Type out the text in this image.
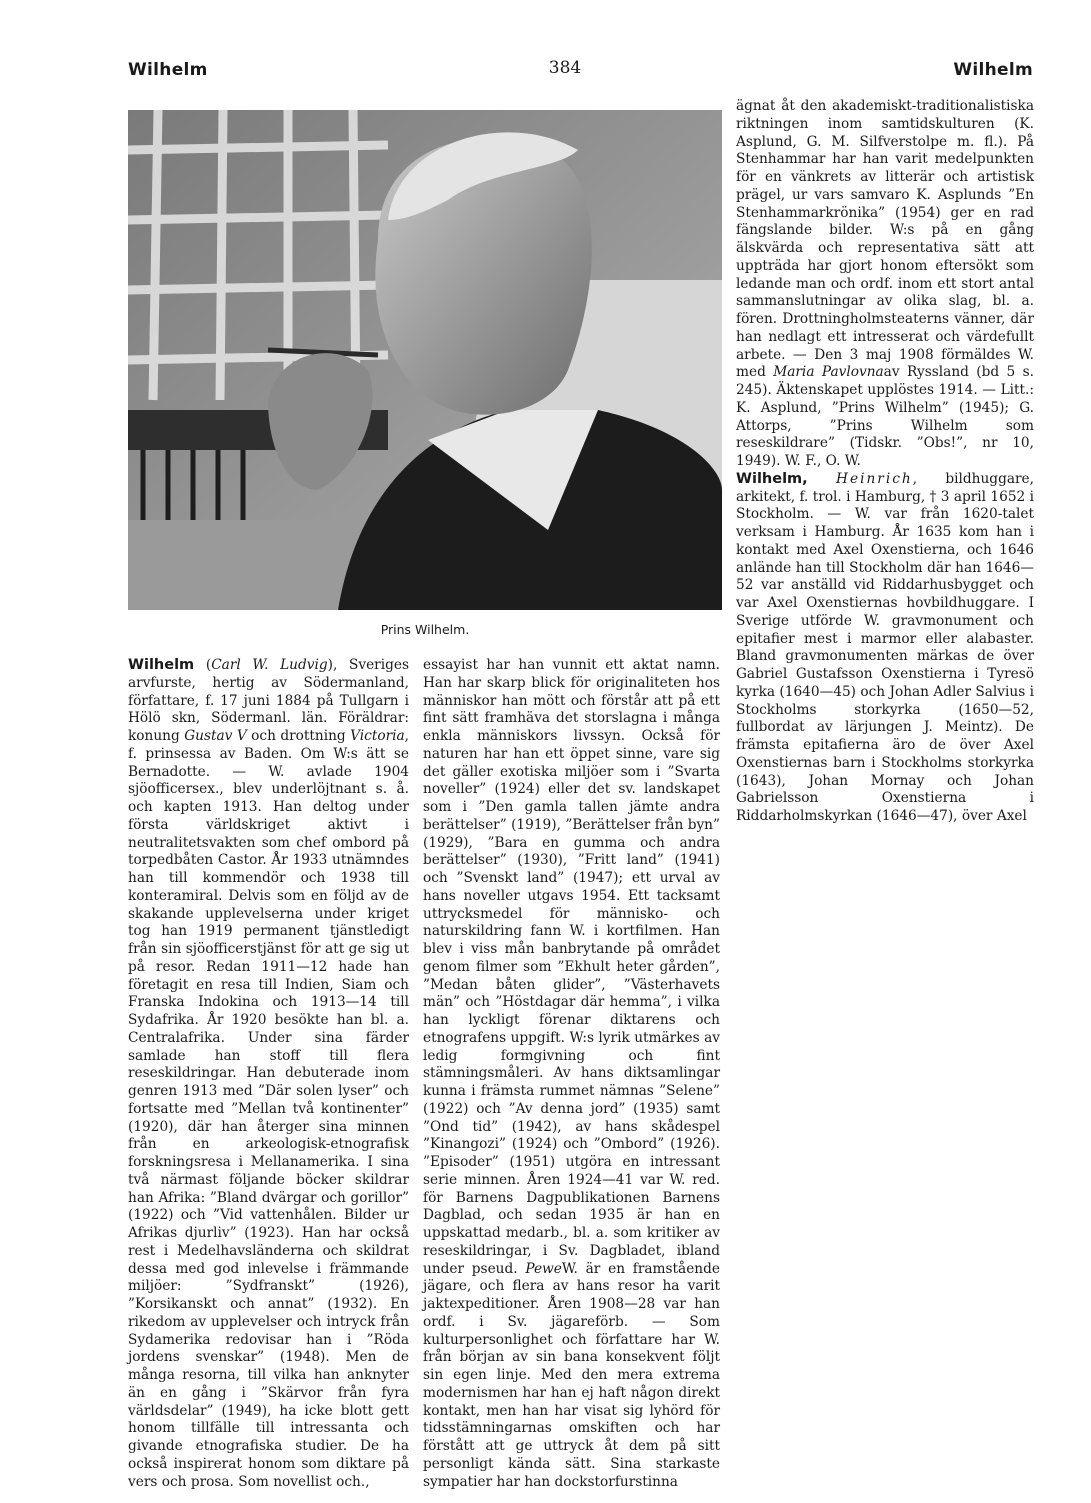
Wilhelm	384	Wilhelm
Prins Wilhelm.

Wilhelm (Carl W. Ludvig), Sveriges arvfurste, hertig av Södermanland, författare, f. 17 juni 1884 på Tullgarn i Hölö skn, Södermanl. län. Föräldrar: konung Gustav V och drottning Victoria, f. prinsessa av Baden. Om W:s ätt se Bernadotte. — W. avlade 1904 sjöofficersex., blev underlöjtnant s. å. och kapten 1913. Han deltog under första världskriget aktivt i neutralitetsvakten som chef ombord på torpedbåten Castor. År 1933 utnämndes han till kommendör och 1938 till konteramiral. Delvis som en följd av de skakande upplevelserna under kriget tog han 1919 permanent tjänstledigt från sin sjöofficerstjänst för att ge sig ut på resor. Redan 1911—12 hade han företagit en resa till Indien, Siam och Franska Indokina och 1913—14 till Sydafrika. År 1920 besökte han bl. a. Centralafrika. Under sina färder samlade han stoff till flera reseskildringar. Han debuterade inom genren 1913 med ”Där solen lyser” och fortsatte med ”Mellan två kontinenter” (1920), där han återger sina minnen från en arkeologisk-etnografisk forskningsresa i Mellanamerika. I sina två närmast följande böcker skildrar han Afrika: ”Bland dvärgar och gorillor” (1922) och ”Vid vattenhålen. Bilder ur Afrikas djurliv” (1923). Han har också rest i Medelhavsländerna och skildrat dessa med god inlevelse i främmande miljöer: ”Sydfranskt” (1926), ”Korsikanskt och annat” (1932). En rikedom av upplevelser och intryck från Sydamerika redovisar han i ”Röda jordens svenskar” (1948). Men de många resorna, till vilka han anknyter än en gång i ”Skärvor från fyra världsdelar” (1949), ha icke blott gett honom tillfälle till intressanta och givande etnografiska studier. De ha också inspirerat honom som diktare på vers och prosa. Som novellist och.,

essayist har han vunnit ett aktat namn. Han har skarp blick för originaliteten hos människor han mött och förstår att på ett fint sätt framhäva det storslagna i många enkla människors livssyn. Också för naturen har han ett öppet sinne, vare sig det gäller exotiska miljöer som i ”Svarta noveller” (1924) eller det sv. landskapet som i ”Den gamla tallen jämte andra berättelser” (1919), ”Berättelser från byn” (1929), ”Bara en gumma och andra berättelser” (1930), ”Fritt land” (1941) och ”Svenskt land” (1947); ett urval av hans noveller utgavs 1954. Ett tacksamt uttrycksmedel för människo- och naturskildring fann W. i kortfilmen. Han blev i viss mån banbrytande på området genom filmer som ”Ekhult heter gården”, ”Medan båten glider”, ”Västerhavets män” och ”Höstdagar där hemma”, i vilka han lyckligt förenar diktarens och etnografens uppgift. W:s lyrik utmärkes av ledig formgivning och fint stämningsmåleri. Av hans diktsamlingar kunna i främsta rummet nämnas ”Selene” (1922) och ”Av denna jord” (1935) samt ”Ond tid” (1942), av hans skådespel ”Kinangozi” (1924) och ”Ombord” (1926). ”Episoder” (1951) utgöra en intressant serie minnen. Åren 1924—41 var W. red. för Barnens Dagpublikationen Barnens Dagblad, och sedan 1935 är han en uppskattad medarb., bl. a. som kritiker av reseskildringar, i Sv. Dagbladet, ibland under pseud. PeweW. är en framstående jägare, och flera av hans resor ha varit jaktexpeditioner. Åren 1908—28 var han ordf. i Sv. jägareförb. — Som kulturpersonlighet och författare har W. från början av sin bana konsekvent följt sin egen linje. Med den mera extrema modernismen har han ej haft någon direkt kontakt, men han har visat sig lyhörd för tidsstämningarnas omskiften och har förstått att ge uttryck åt dem på sitt personligt kända sätt. Sina starkaste sympatier har han dockstorfurstinna

ägnat åt den akademiskt-traditionalistiska riktningen inom samtidskulturen (K. Asplund, G. M. Silfverstolpe m. fl.). På Stenhammar har han varit medelpunkten för en vänkrets av litterär och artistisk prägel, ur vars samvaro K. Asplunds ”En Stenhammarkrönika” (1954) ger en rad fängslande bilder. W:s på en gång älskvärda och representativa sätt att uppträda har gjort honom eftersökt som ledande man och ordf. inom ett stort antal sammanslutningar av olika slag, bl. a. fören. Drottningholmsteaterns vänner, där han nedlagt ett intresserat och värdefullt arbete. — Den 3 maj 1908 förmäldes W. med Maria Pavlovnaav Ryssland (bd 5 s. 245). Äktenskapet upplöstes 1914. — Litt.: K. Asplund, ”Prins Wilhelm” (1945); G. Attorps, ”Prins Wilhelm som reseskildrare” (Tidskr. ”Obs!”, nr 10, 1949). W. F., O. W.

Wilhelm, Heinrich, bildhuggare, arkitekt, f. trol. i Hamburg, † 3 april 1652 i Stockholm. — W. var från 1620-talet verksam i Hamburg. År 1635 kom han i kontakt med Axel Oxenstierna, och 1646 anlände han till Stockholm där han 1646—52 var anställd vid Riddarhusbygget och var Axel Oxenstiernas hovbildhuggare. I Sverige utförde W. gravmonument och epitafier mest i marmor eller alabaster. Bland gravmonumenten märkas de över Gabriel Gustafsson Oxenstierna i Tyresö kyrka (1640—45) och Johan Adler Salvius i Stockholms storkyrka (1650—52, fullbordat av lärjungen J. Meintz). De främsta epitafierna äro de över Axel Oxenstiernas barn i Stockholms storkyrka (1643), Johan Mornay och Johan Gabrielsson Oxenstierna i Riddarholmskyrkan (1646—47), över Axel
